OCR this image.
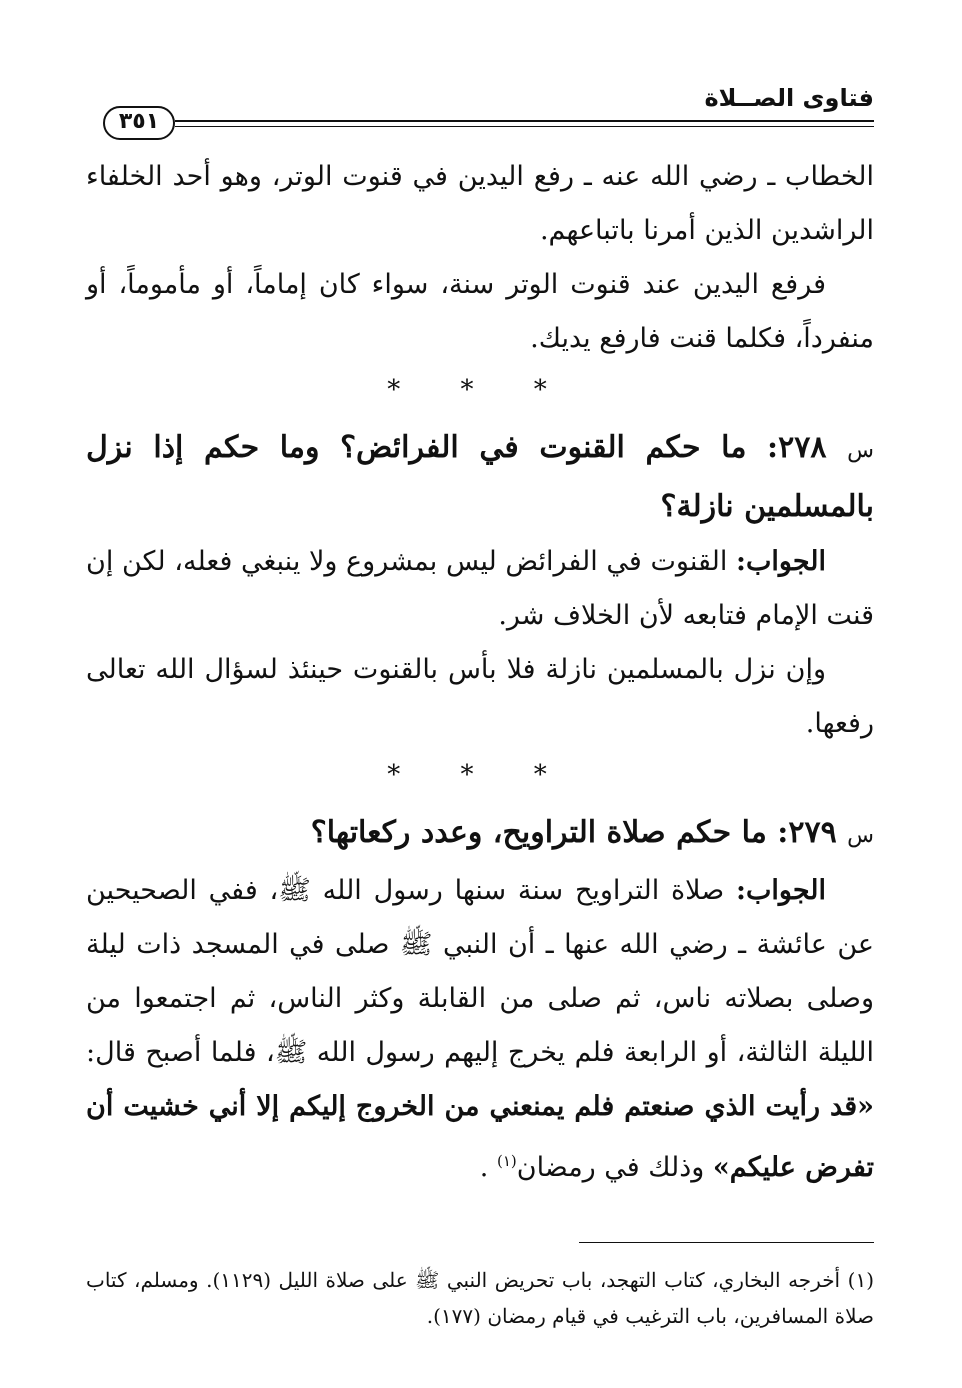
فتاوى الصــلاة
٣٥١

الخطاب ـ رضي الله عنه ـ رفع اليدين في قنوت الوتر، وهو أحد الخلفاء الراشدين الذين أمرنا باتباعهم.

فرفع اليدين عند قنوت الوتر سنة، سواء كان إماماً، أو مأموماً، أو منفرداً، فكلما قنت فارفع يديك.

* * *

س ٢٧٨: ما حكم القنوت في الفرائض؟ وما حكم إذا نزل بالمسلمين نازلة؟

الجواب: القنوت في الفرائض ليس بمشروع ولا ينبغي فعله، لكن إن قنت الإمام فتابعه لأن الخلاف شر.

وإن نزل بالمسلمين نازلة فلا بأس بالقنوت حينئذ لسؤال الله تعالى رفعها.

* * *

س ٢٧٩: ما حكم صلاة التراويح، وعدد ركعاتها؟

الجواب: صلاة التراويح سنة سنها رسول الله ﷺ، ففي الصحيحين عن عائشة ـ رضي الله عنها ـ أن النبي ﷺ صلى في المسجد ذات ليلة وصلى بصلاته ناس، ثم صلى من القابلة وكثر الناس، ثم اجتمعوا من الليلة الثالثة، أو الرابعة فلم يخرج إليهم رسول الله ﷺ، فلما أصبح قال: «قد رأيت الذي صنعتم فلم يمنعني من الخروج إليكم إلا أني خشيت أن تفرض عليكم» وذلك في رمضان$^{(١)}$ .

(١) أخرجه البخاري، كتاب التهجد، باب تحريض النبي ﷺ على صلاة الليل (١١٢٩). ومسلم، كتاب صلاة المسافرين، باب الترغيب في قيام رمضان (١٧٧).
